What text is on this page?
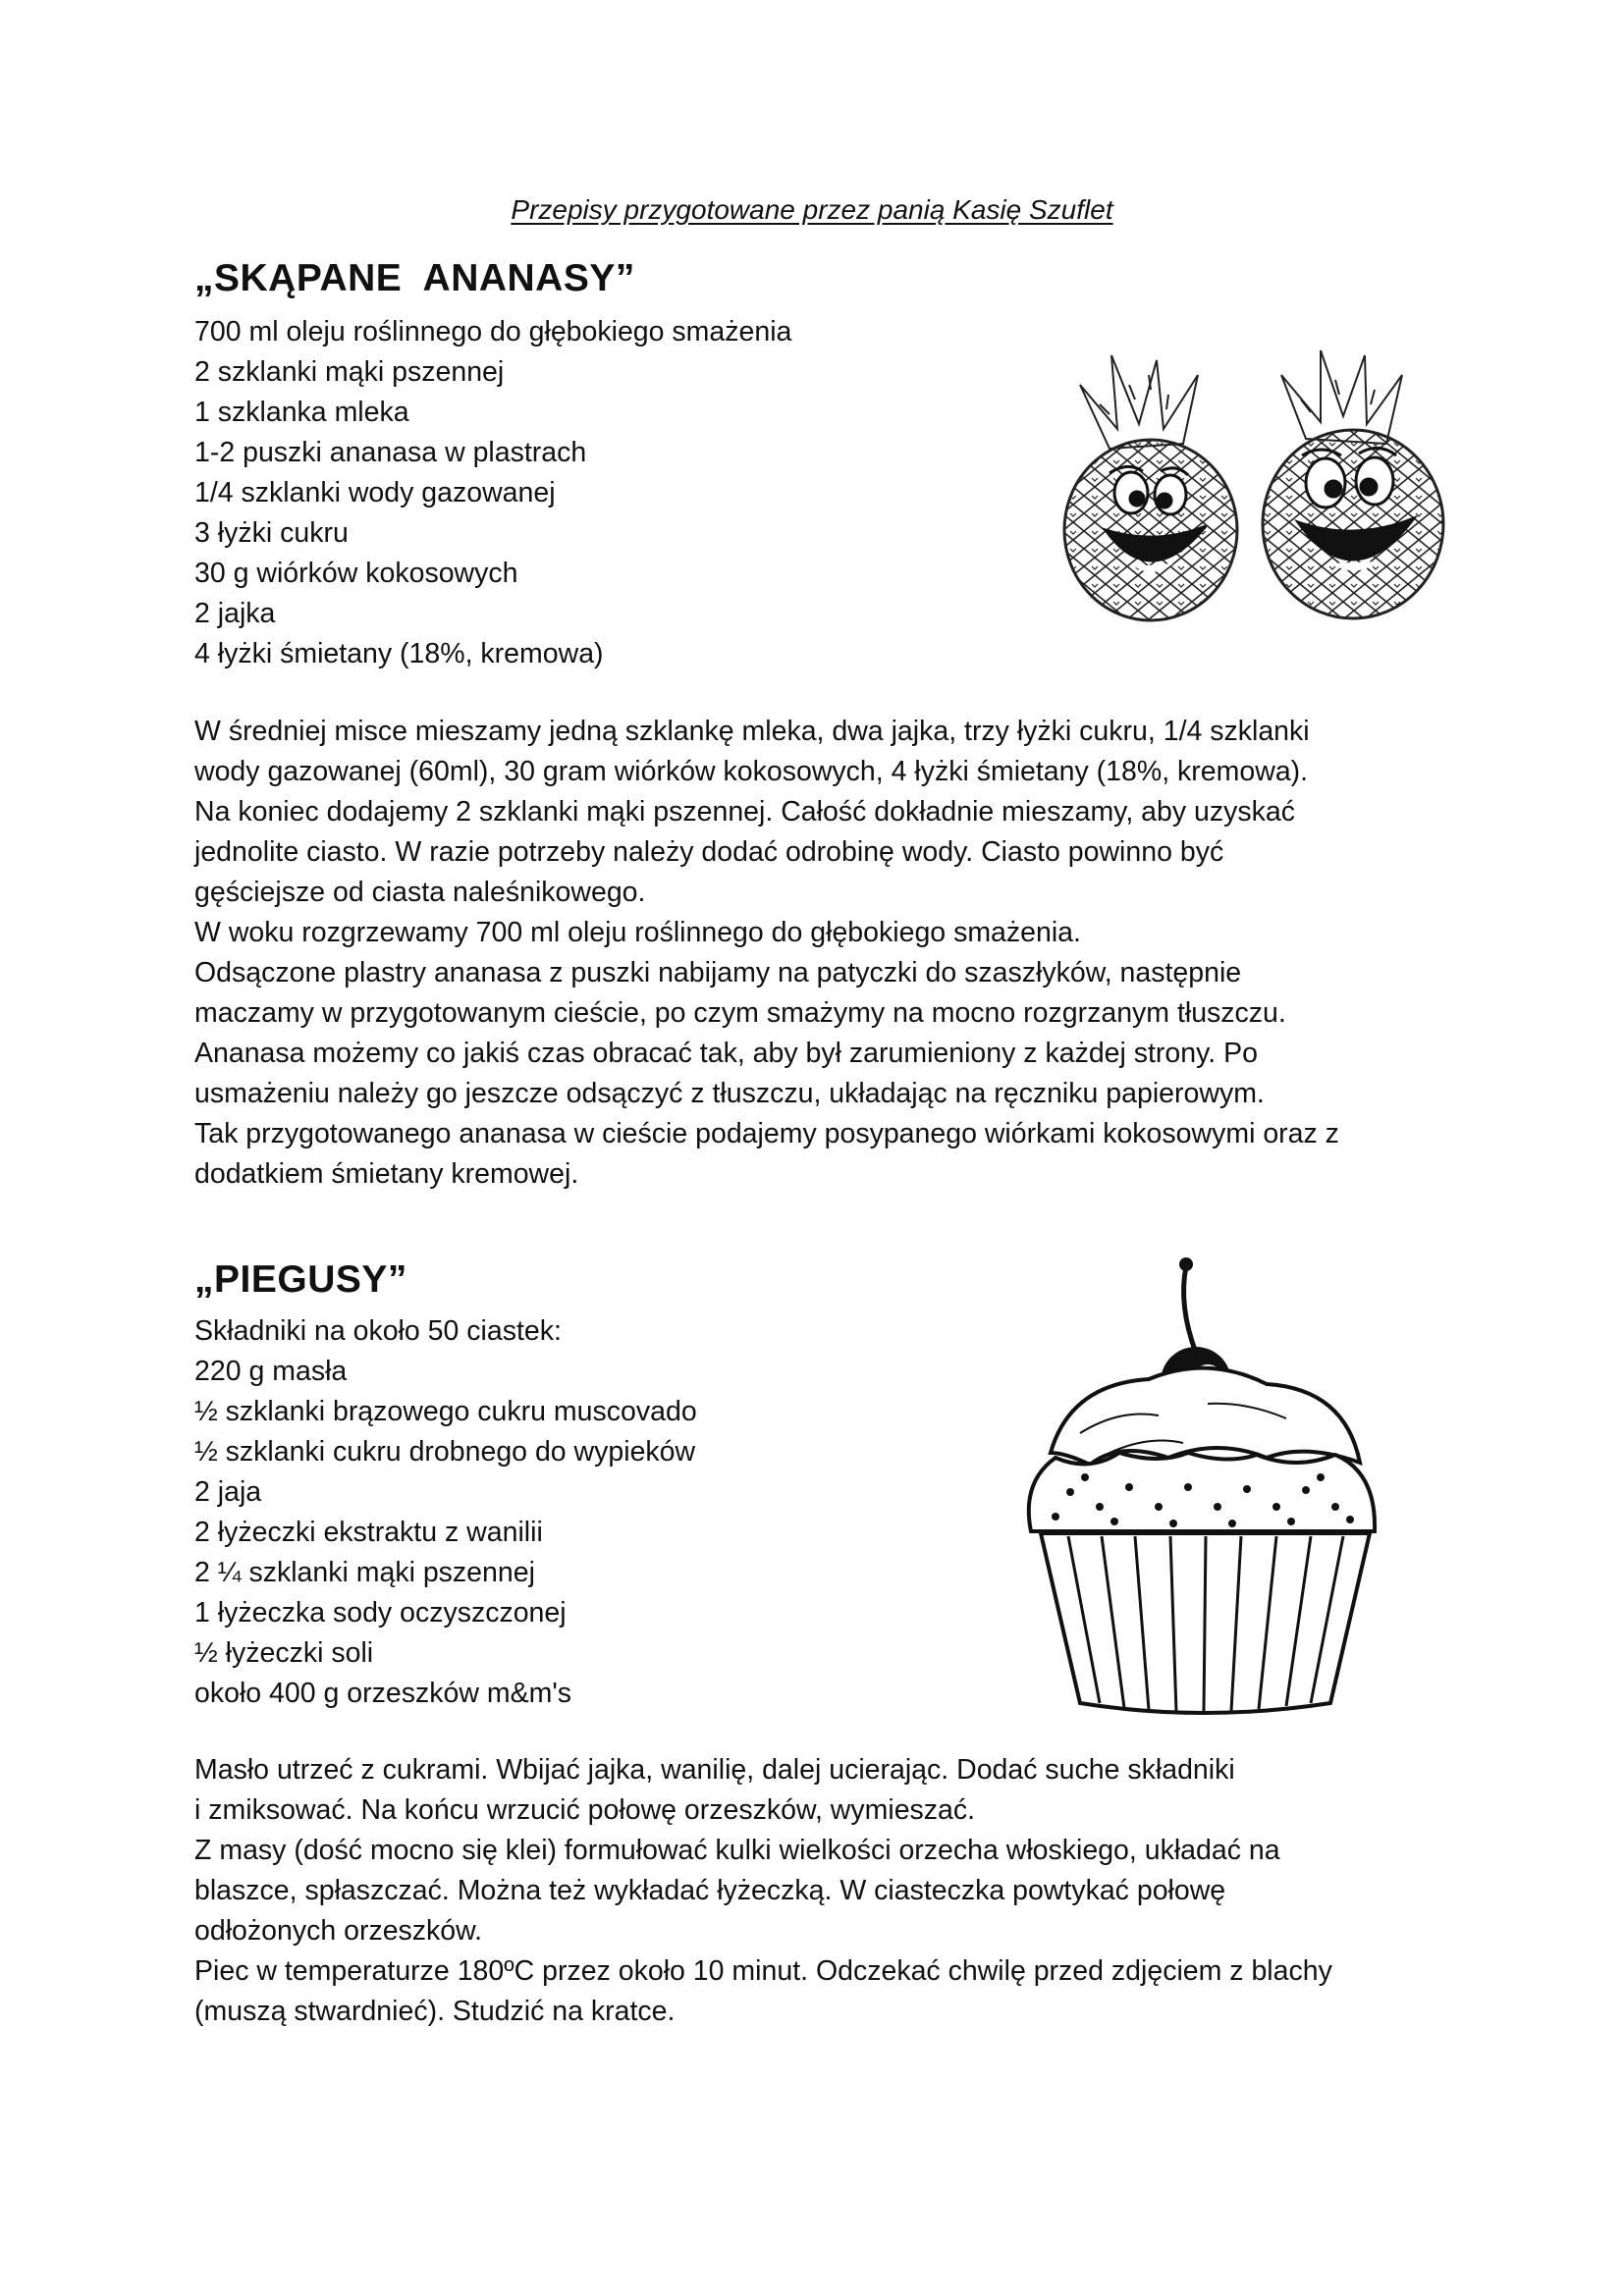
Przepisy przygotowane przez panią Kasię Szuflet
„SKĄPANE  ANANASY”
700 ml oleju roślinnego do głębokiego smażenia
2 szklanki mąki pszennej
1 szklanka mleka
1-2 puszki ananasa w plastrach
1/4 szklanki wody gazowanej
3 łyżki cukru
30 g wiórków kokosowych
2 jajka
4 łyżki śmietany (18%, kremowa)
W średniej misce mieszamy jedną szklankę mleka, dwa jajka, trzy łyżki cukru, 1/4 szklanki
wody gazowanej (60ml), 30 gram wiórków kokosowych, 4 łyżki śmietany (18%, kremowa).
Na koniec dodajemy 2 szklanki mąki pszennej. Całość dokładnie mieszamy, aby uzyskać
jednolite ciasto. W razie potrzeby należy dodać odrobinę wody. Ciasto powinno być
gęściejsze od ciasta naleśnikowego.
W woku rozgrzewamy 700 ml oleju roślinnego do głębokiego smażenia.
Odsączone plastry ananasa z puszki nabijamy na patyczki do szaszłyków, następnie
maczamy w przygotowanym cieście, po czym smażymy na mocno rozgrzanym tłuszczu.
Ananasa możemy co jakiś czas obracać tak, aby był zarumieniony z każdej strony. Po
usmażeniu należy go jeszcze odsączyć z tłuszczu, układając na ręczniku papierowym.
Tak przygotowanego ananasa w cieście podajemy posypanego wiórkami kokosowymi oraz z
dodatkiem śmietany kremowej.
„PIEGUSY”
Składniki na około 50 ciastek:
220 g masła
½ szklanki brązowego cukru muscovado
½ szklanki cukru drobnego do wypieków
2 jaja
2 łyżeczki ekstraktu z wanilii
2 ¼ szklanki mąki pszennej
1 łyżeczka sody oczyszczonej
½ łyżeczki soli
około 400 g orzeszków m&m's
Masło utrzeć z cukrami. Wbijać jajka, wanilię, dalej ucierając. Dodać suche składniki
i zmiksować. Na końcu wrzucić połowę orzeszków, wymieszać.
Z masy (dość mocno się klei) formułować kulki wielkości orzecha włoskiego, układać na
blaszce, spłaszczać. Można też wykładać łyżeczką. W ciasteczka powtykać połowę
odłożonych orzeszków.
Piec w temperaturze 180ºC przez około 10 minut. Odczekać chwilę przed zdjęciem z blachy
(muszą stwardnieć). Studzić na kratce.
